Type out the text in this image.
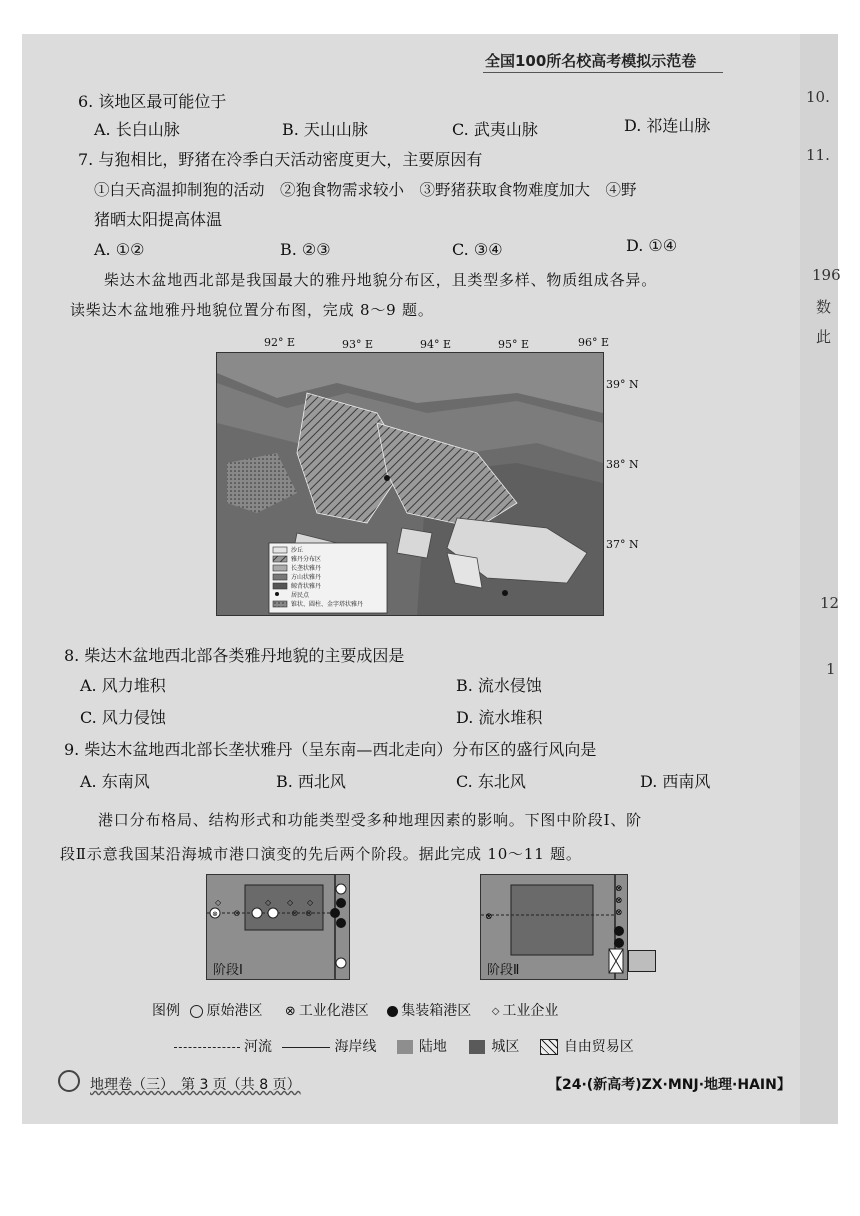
10.
11.
196
数
此
12
1
全国100所名校高考模拟示范卷
6. 该地区最可能位于
A. 长白山脉	B. 天山山脉	C. 武夷山脉	D. 祁连山脉
7. 与狍相比，野猪在冷季白天活动密度更大，主要原因有
①白天高温抑制狍的活动　②狍食物需求较小　③野猪获取食物难度加大　④野
猪晒太阳提高体温
A. ①②	B. ②③	C. ③④	D. ①④
柴达木盆地西北部是我国最大的雅丹地貌分布区，且类型多样、物质组成各异。
读柴达木盆地雅丹地貌位置分布图，完成 8～9 题。
92° E	93° E	94° E	95° E	96° E
39° N
38° N
37° N
沙丘
雅丹分布区
长垄状雅丹
方山状雅丹
鲸背状雅丹
居民点
锥状、圆柱、金字塔状雅丹
8. 柴达木盆地西北部各类雅丹地貌的主要成因是
A. 风力堆积	B. 流水侵蚀
C. 风力侵蚀	D. 流水堆积
9. 柴达木盆地西北部长垄状雅丹（呈东南—西北走向）分布区的盛行风向是
A. 东南风	B. 西北风	C. 东北风	D. 西南风
港口分布格局、结构形式和功能类型受多种地理因素的影响。下图中阶段Ⅰ、阶
段Ⅱ示意我国某沿海城市港口演变的先后两个阶段。据此完成 10～11 题。
⊗ ⊗	⊗ ⊗
◇	◇ ◇ ◇
阶段Ⅰ
⊗
⊗
⊗
⊗
阶段Ⅱ
图例 原始港区 ⊗ 工业化港区 集装箱港区 ◇ 工业企业
河流	海岸线	陆地	城区	自由贸易区
地理卷（三）　第 3 页（共 8 页）	【24·(新高考)ZX·MNJ·地理·HAIN】
